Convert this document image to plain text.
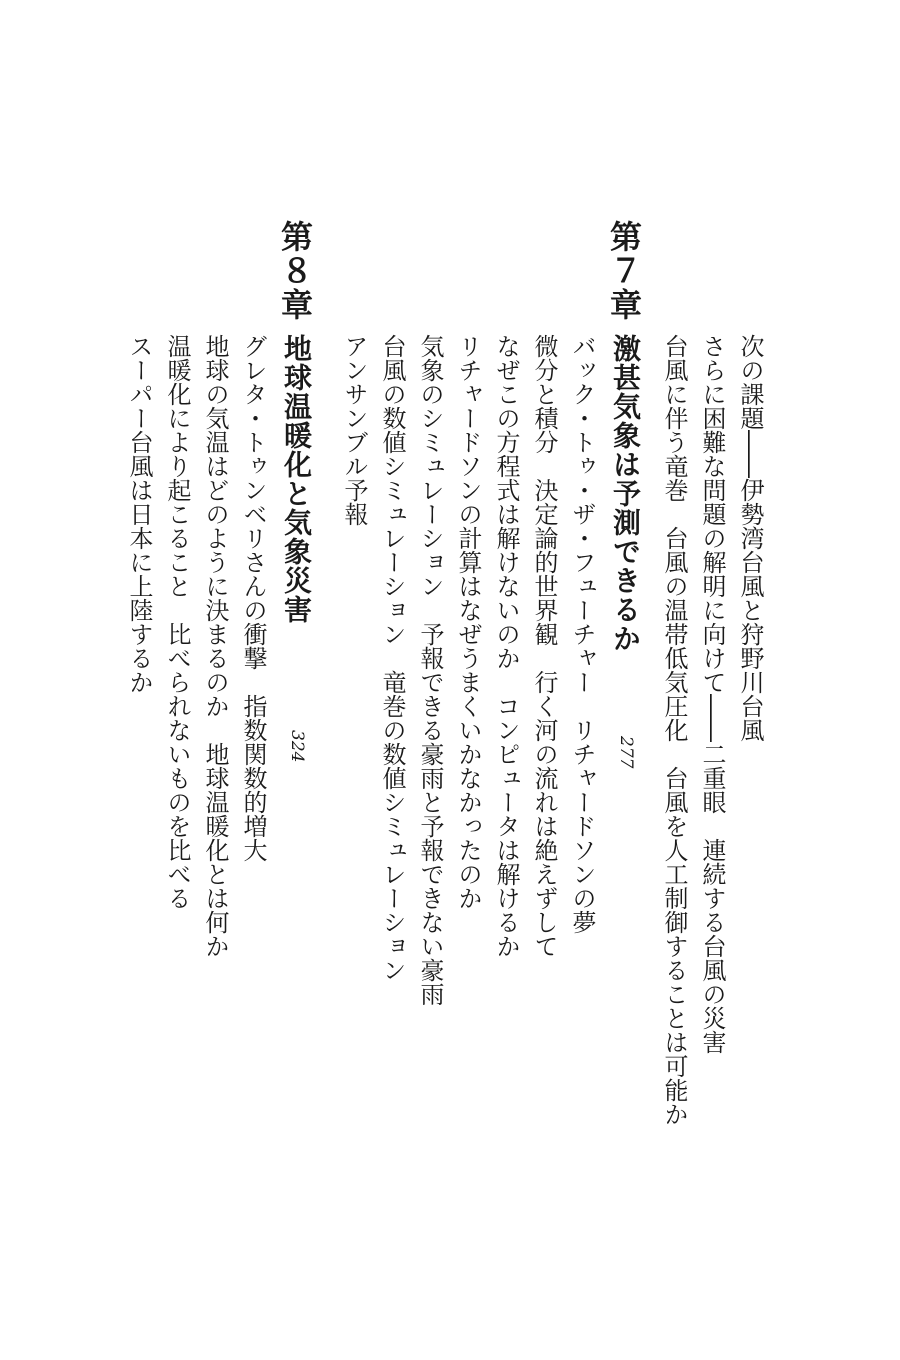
次の課題――伊勢湾台風と狩野川台風
さらに困難な問題の解明に向けて――二重眼　連続する台風の災害
台風に伴う竜巻　台風の温帯低気圧化　台風を人工制御することは可能か
第７章
激甚気象は予測できるか
277
バック・トゥ・ザ・フューチャー　リチャードソンの夢
微分と積分　決定論的世界観　行く河の流れは絶えずして
なぜこの方程式は解けないのか　コンピュータは解けるか
リチャードソンの計算はなぜうまくいかなかったのか
気象のシミュレーション　予報できる豪雨と予報できない豪雨
台風の数値シミュレーション　竜巻の数値シミュレーション
アンサンブル予報
第８章
地球温暖化と気象災害
324
グレタ・トゥンベリさんの衝撃　指数関数的増大
地球の気温はどのように決まるのか　地球温暖化とは何か
温暖化により起こること　比べられないものを比べる
スーパー台風は日本に上陸するか
